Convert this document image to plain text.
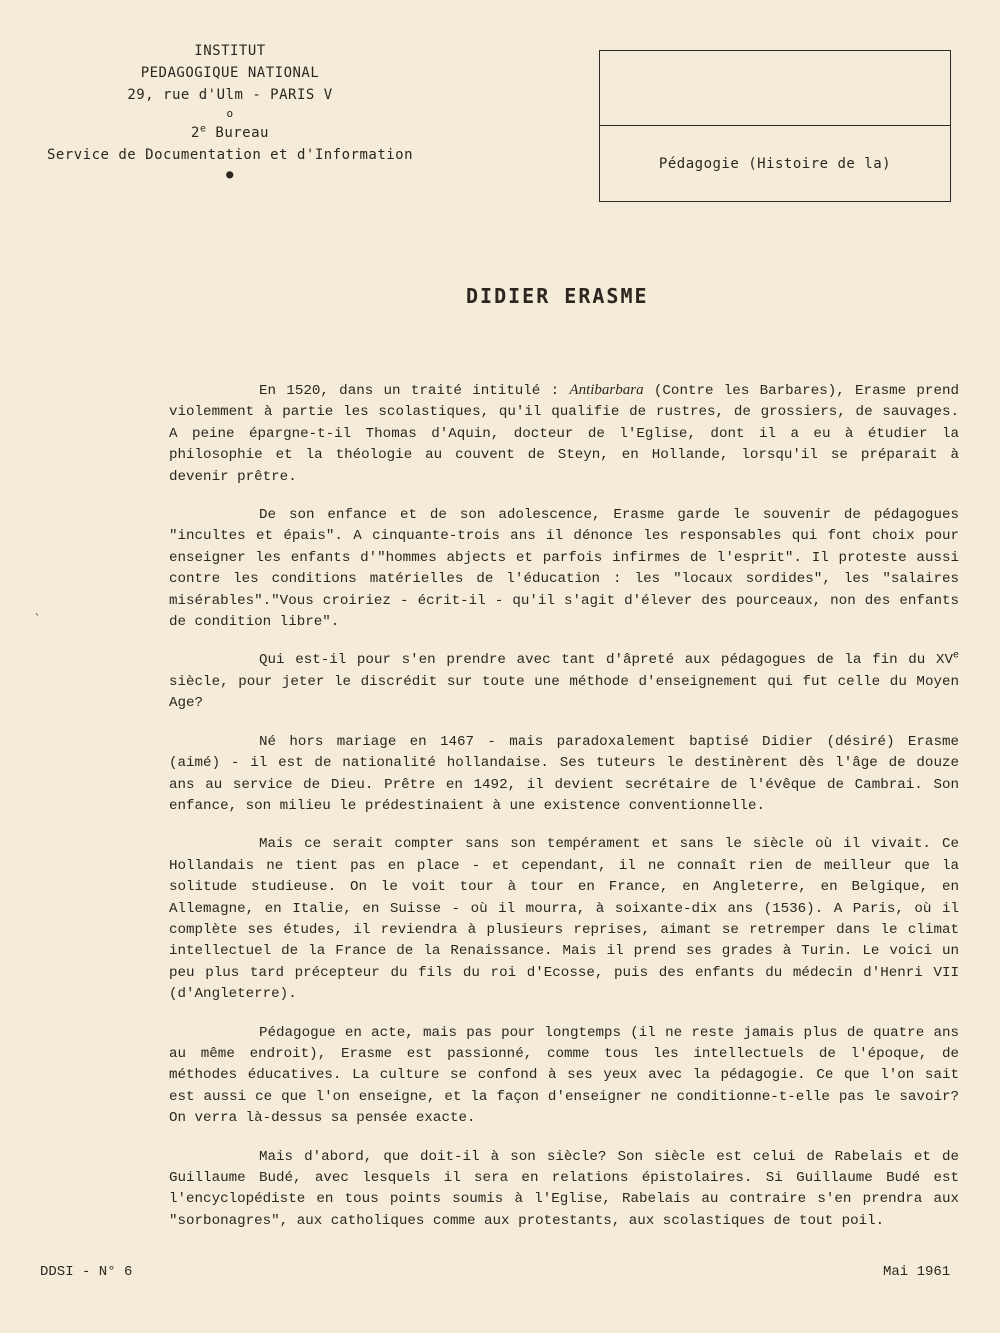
INSTITUT
PEDAGOGIQUE NATIONAL
29, rue d'Ulm - PARIS V
o
2e Bureau
Service de Documentation et d'Information
●
Pédagogie (Histoire de la)
DIDIER ERASME
`

En 1520, dans un traité intitulé : Antibarbara (Contre les Barbares), Erasme prend violemment à partie les scolastiques, qu'il qualifie de rustres, de grossiers, de sauvages. A peine épargne-t-il Thomas d'Aquin, docteur de l'Eglise, dont il a eu à étudier la philosophie et la théologie au couvent de Steyn, en Hollande, lorsqu'il se préparait à devenir prêtre.

De son enfance et de son adolescence, Erasme garde le souvenir de pédagogues "incultes et épais". A cinquante-trois ans il dénonce les responsables qui font choix pour enseigner les enfants d'"hommes abjects et parfois infirmes de l'esprit". Il proteste aussi contre les conditions matérielles de l'éducation : les "locaux sordides", les "salaires misérables"."Vous croiriez - écrit-il - qu'il s'agit d'élever des pourceaux, non des enfants de condition libre".

Qui est-il pour s'en prendre avec tant d'âpreté aux pédagogues de la fin du XVe siècle, pour jeter le discrédit sur toute une méthode d'enseignement qui fut celle du Moyen Age?

Né hors mariage en 1467 - mais paradoxalement baptisé Didier (désiré) Erasme (aimé) - il est de nationalité hollandaise. Ses tuteurs le destinèrent dès l'âge de douze ans au service de Dieu. Prêtre en 1492, il devient secrétaire de l'évêque de Cambrai. Son enfance, son milieu le prédestinaient à une existence conventionnelle.

Mais ce serait compter sans son tempérament et sans le siècle où il vivait. Ce Hollandais ne tient pas en place - et cependant, il ne connaît rien de meilleur que la solitude studieuse. On le voit tour à tour en France, en Angleterre, en Belgique, en Allemagne, en Italie, en Suisse - où il mourra, à soixante-dix ans (1536). A Paris, où il complète ses études, il reviendra à plusieurs reprises, aimant se retremper dans le climat intellectuel de la France de la Renaissance. Mais il prend ses grades à Turin. Le voici un peu plus tard précepteur du fils du roi d'Ecosse, puis des enfants du médecin d'Henri VII (d'Angleterre).

Pédagogue en acte, mais pas pour longtemps (il ne reste jamais plus de quatre ans au même endroit), Erasme est passionné, comme tous les intellectuels de l'époque, de méthodes éducatives. La culture se confond à ses yeux avec la pédagogie. Ce que l'on sait est aussi ce que l'on enseigne, et la façon d'enseigner ne conditionne-t-elle pas le savoir? On verra là-dessus sa pensée exacte.

Mais d'abord, que doit-il à son siècle? Son siècle est celui de Rabelais et de Guillaume Budé, avec lesquels il sera en relations épistolaires. Si Guillaume Budé est l'encyclopédiste en tous points soumis à l'Eglise, Rabelais au contraire s'en prendra aux "sorbonagres", aux catholiques comme aux protestants, aux scolastiques de tout poil.

DDSI - N° 6	Mai 1961
